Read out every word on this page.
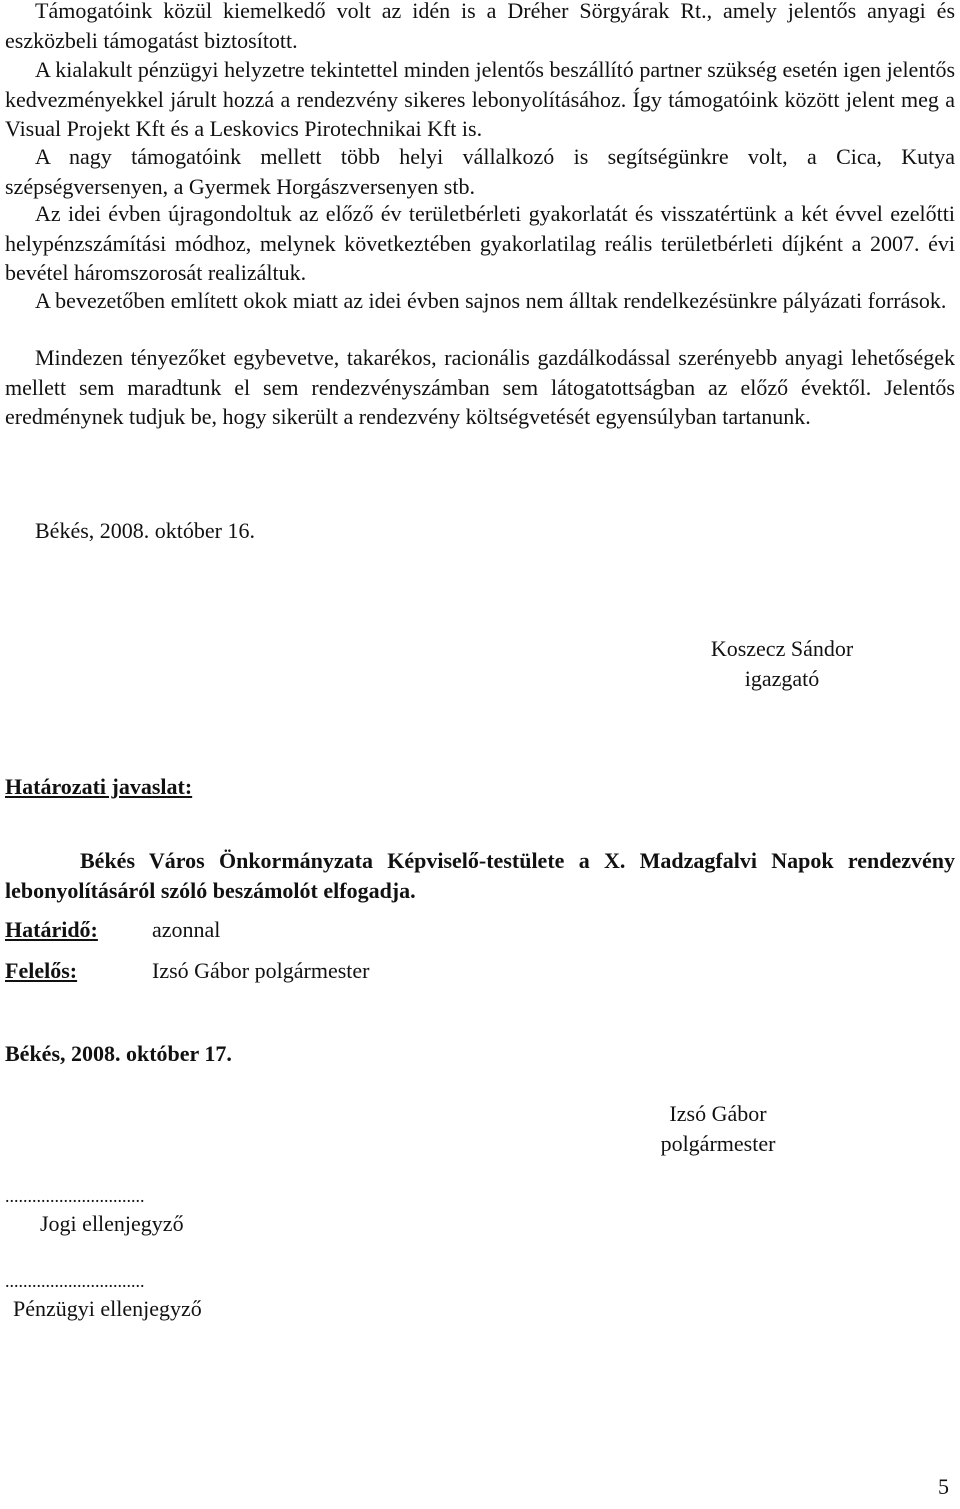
Támogatóink közül kiemelkedő volt az idén is a Dréher Sörgyárak Rt., amely jelentős anyagi és eszközbeli támogatást biztosított.
A kialakult pénzügyi helyzetre tekintettel minden jelentős beszállító partner szükség esetén igen jelentős kedvezményekkel járult hozzá a rendezvény sikeres lebonyolításához. Így támogatóink között jelent meg a Visual Projekt Kft és a Leskovics Pirotechnikai Kft is.
A nagy támogatóink mellett több helyi vállalkozó is segítségünkre volt, a Cica, Kutya szépségversenyen, a Gyermek Horgászversenyen stb.
Az idei évben újragondoltuk az előző év területbérleti gyakorlatát és visszatértünk a két évvel ezelőtti helypénzszámítási módhoz, melynek következtében gyakorlatilag reális területbérleti díjként a 2007. évi bevétel háromszorosát realizáltuk.
A bevezetőben említett okok miatt az idei évben sajnos nem álltak rendelkezésünkre pályázati források.
Mindezen tényezőket egybevetve, takarékos, racionális gazdálkodással szerényebb anyagi lehetőségek mellett sem maradtunk el sem rendezvényszámban sem látogatottságban az előző évektől. Jelentős eredménynek tudjuk be, hogy sikerült a rendezvény költségvetését egyensúlyban tartanunk.
Békés, 2008. október 16.
Koszecz Sándor
igazgató
Határozati javaslat:
Békés Város Önkormányzata Képviselő-testülete a X. Madzagfalvi Napok rendezvény lebonyolításáról szóló beszámolót elfogadja.
Határidő: azonnal
Felelős:	Izsó Gábor polgármester
Békés, 2008. október 17.
Izsó Gábor
polgármester
...............................
Jogi ellenjegyző
...............................
Pénzügyi ellenjegyző
5
